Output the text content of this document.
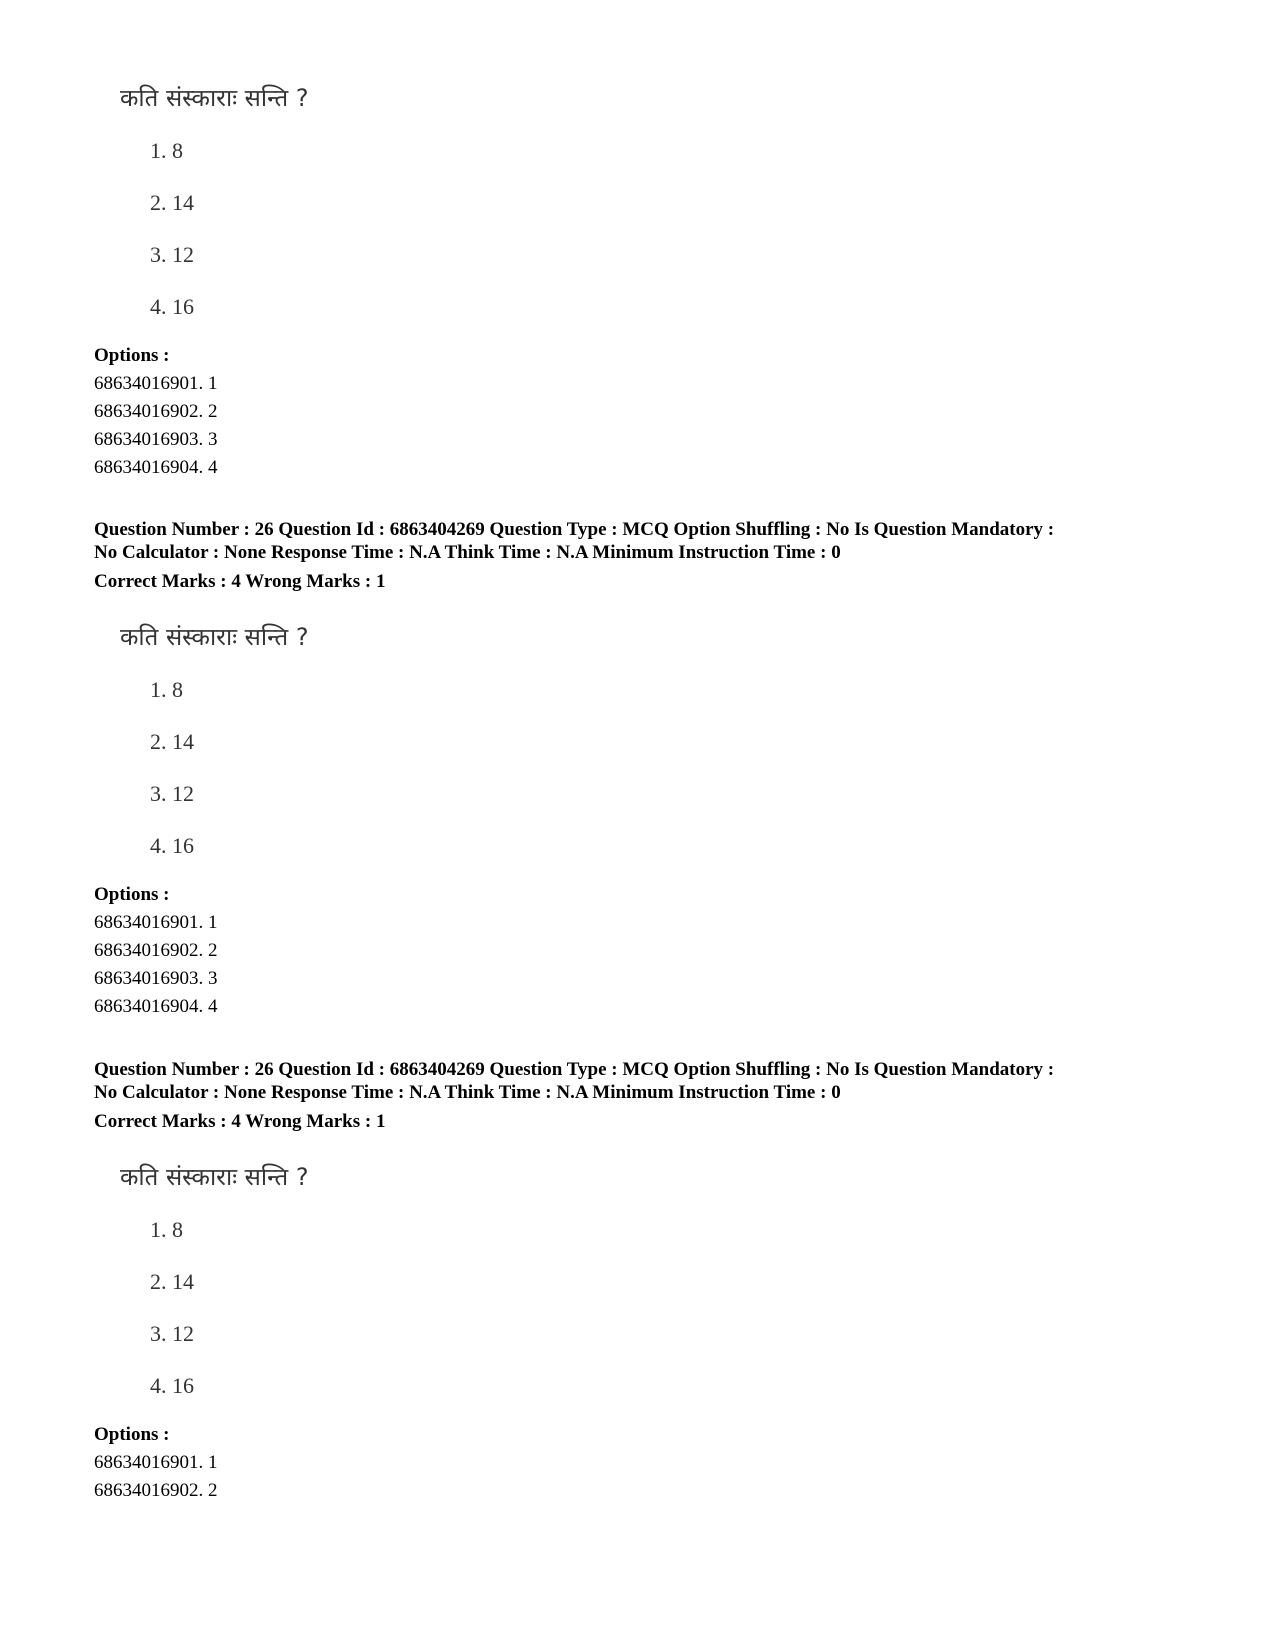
कति संस्काराः सन्ति ?
1. 8
2. 14
3. 12
4. 16
Options :
68634016901. 1
68634016902. 2
68634016903. 3
68634016904. 4
Question Number : 26 Question Id : 6863404269 Question Type : MCQ Option Shuffling : No Is Question Mandatory :
No Calculator : None Response Time : N.A Think Time : N.A Minimum Instruction Time : 0
Correct Marks : 4 Wrong Marks : 1
कति संस्काराः सन्ति ?
1. 8
2. 14
3. 12
4. 16
Options :
68634016901. 1
68634016902. 2
68634016903. 3
68634016904. 4
Question Number : 26 Question Id : 6863404269 Question Type : MCQ Option Shuffling : No Is Question Mandatory :
No Calculator : None Response Time : N.A Think Time : N.A Minimum Instruction Time : 0
Correct Marks : 4 Wrong Marks : 1
कति संस्काराः सन्ति ?
1. 8
2. 14
3. 12
4. 16
Options :
68634016901. 1
68634016902. 2
